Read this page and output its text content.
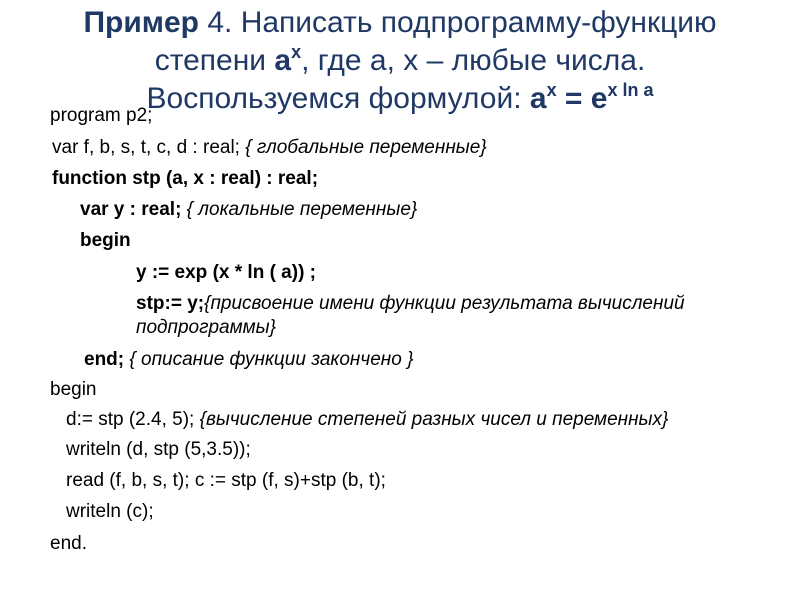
Пример 4. Написать подпрограмму-функцию
степени $a^x$, где a, х – любые числа.
Воспользуемся формулой: $a^x = e^{x ln a}$
program p2;
var f, b, s, t, c, d : real; { глобальные переменные}
function stp (a, x : real) : real;
var y : real; { локальные переменные}
begin
y := exp (x * ln ( a)) ;
stp:= y;{присвоение имени функции результата вычислений
подпрограммы}
end; { описание функции закончено }
begin
d:= stp (2.4, 5); {вычисление степеней разных чисел и переменных}
writeln (d, stp (5,3.5));
read (f, b, s, t); c := stp (f, s)+stp (b, t);
writeln (c);
end.
